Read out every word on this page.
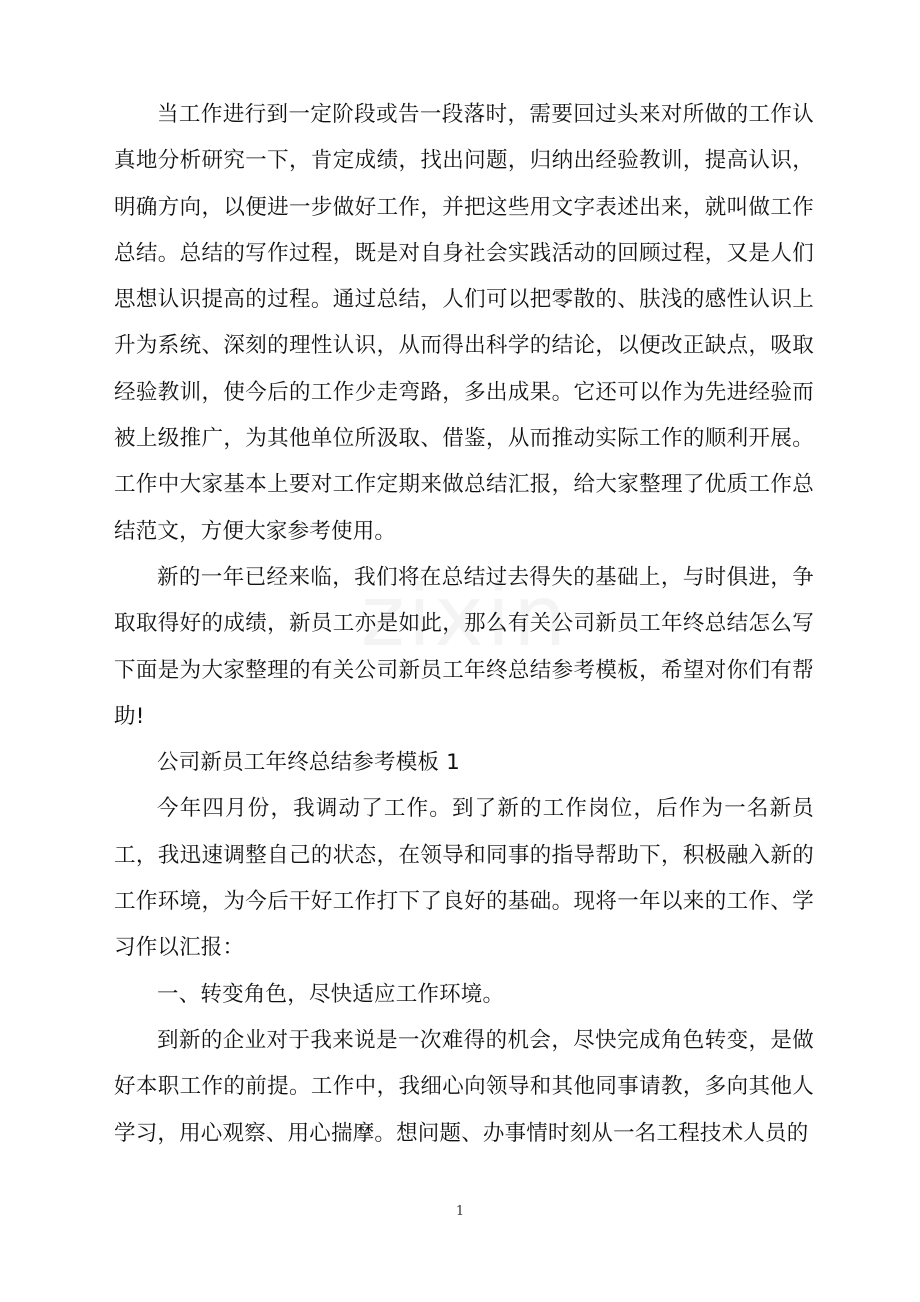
当工作进行到一定阶段或告一段落时，需要回过头来对所做的工作认真地分析研究一下，肯定成绩，找出问题，归纳出经验教训，提高认识，明确方向，以便进一步做好工作，并把这些用文字表述出来，就叫做工作总结。总结的写作过程，既是对自身社会实践活动的回顾过程，又是人们思想认识提高的过程。通过总结，人们可以把零散的、肤浅的感性认识上升为系统、深刻的理性认识，从而得出科学的结论，以便改正缺点，吸取经验教训，使今后的工作少走弯路，多出成果。它还可以作为先进经验而被上级推广，为其他单位所汲取、借鉴，从而推动实际工作的顺利开展。工作中大家基本上要对工作定期来做总结汇报，给大家整理了优质工作总结范文，方便大家参考使用。

新的一年已经来临，我们将在总结过去得失的基础上，与时俱进，争取取得好的成绩，新员工亦是如此，那么有关公司新员工年终总结怎么写下面是为大家整理的有关公司新员工年终总结参考模板，希望对你们有帮助!

公司新员工年终总结参考模板 1

今年四月份，我调动了工作。到了新的工作岗位，后作为一名新员工，我迅速调整自己的状态，在领导和同事的指导帮助下，积极融入新的工作环境，为今后干好工作打下了良好的基础。现将一年以来的工作、学习作以汇报：

一、转变角色，尽快适应工作环境。

到新的企业对于我来说是一次难得的机会，尽快完成角色转变，是做好本职工作的前提。工作中，我细心向领导和其他同事请教，多向其他人学习，用心观察、用心揣摩。想问题、办事情时刻从一名工程技术人员的

1
